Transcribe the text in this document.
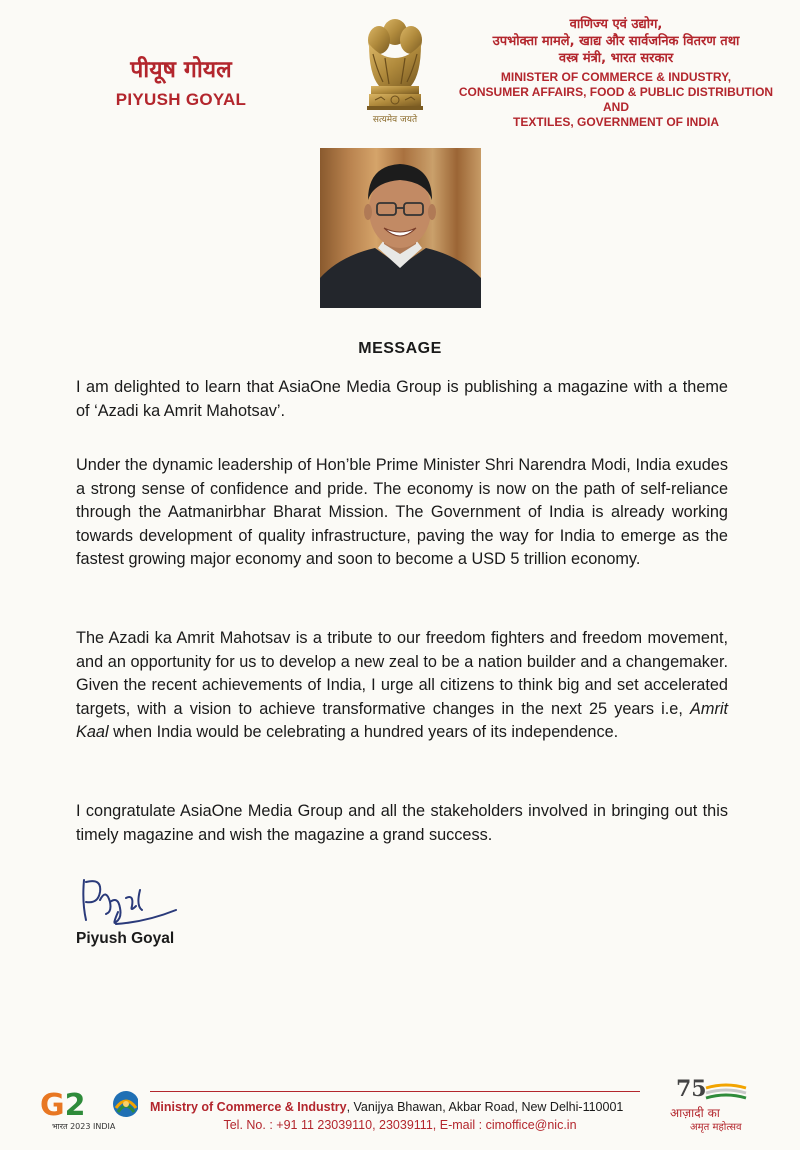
पीयूष गोयल
PIYUSH GOYAL
सत्यमेव जयते
वाणिज्य एवं उद्योग,
उपभोक्ता मामले, खाद्य और सार्वजनिक वितरण तथा
वस्त्र मंत्री, भारत सरकार
MINISTER OF COMMERCE & INDUSTRY,
CONSUMER AFFAIRS, FOOD & PUBLIC DISTRIBUTION AND
TEXTILES, GOVERNMENT OF INDIA
MESSAGE
I am delighted to learn that AsiaOne Media Group is publishing a magazine with a theme of ‘Azadi ka Amrit Mahotsav’.
Under the dynamic leadership of Hon’ble Prime Minister Shri Narendra Modi, India exudes a strong sense of confidence and pride. The economy is now on the path of self-reliance through the Aatmanirbhar Bharat Mission. The Government of India is already working towards development of quality infrastructure, paving the way for India to emerge as the fastest growing major economy and soon to become a USD 5 trillion economy.
The Azadi ka Amrit Mahotsav is a tribute to our freedom fighters and freedom movement, and an opportunity for us to develop a new zeal to be a nation builder and a changemaker. Given the recent achievements of India, I urge all citizens to think big and set accelerated targets, with a vision to achieve transformative changes in the next 25 years i.e, Amrit Kaal when India would be celebrating a hundred years of its independence.
I congratulate AsiaOne Media Group and all the stakeholders involved in bringing out this timely magazine and wish the magazine a grand success.
Piyush Goyal
G2
भारत 2023 INDIA
Ministry of Commerce & Industry, Vanijya Bhawan, Akbar Road, New Delhi-110001
Tel. No. : +91 11 23039110, 23039111, E-mail : cimoffice@nic.in
75
आज़ादी का
अमृत महोत्सव
